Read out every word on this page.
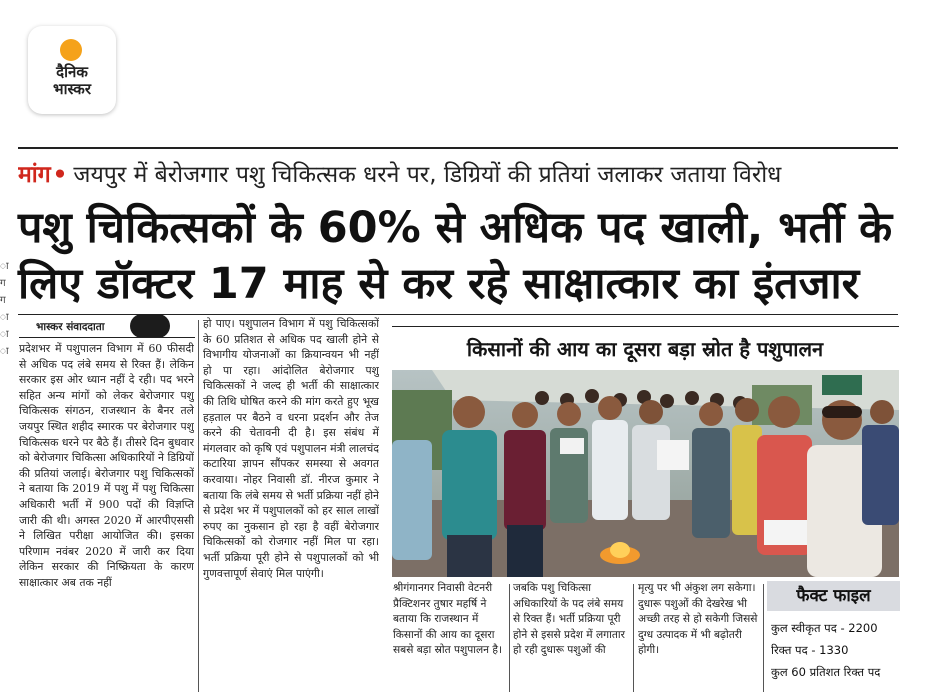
दैनिक
भास्कर
मांग• जयपुर में बेरोजगार पशु चिकित्सक धरने पर, डिग्रियों की प्रतियां जलाकर जताया विरोध
पशु चिकित्सकों के 60% से अधिक पद खाली, भर्ती के
लिए डॉक्टर 17 माह से कर रहे साक्षात्कार का इंतजार
ा ग ग ा ा ा
भास्कर संवाददाता

प्रदेशभर में पशुपालन विभाग में 60 फीसदी से अधिक पद लंबे समय से रिक्त हैं। लेकिन सरकार इस ओर ध्यान नहीं दे रही। पद भरने सहित अन्य मांगों को लेकर बेरोजगार पशु चिकित्सक संगठन, राजस्थान के बैनर तले जयपुर स्थित शहीद स्मारक पर बेरोजगार पशु चिकित्सक धरने पर बैठे हैं। तीसरे दिन बुधवार को बेरोजगार चिकित्सा अधिकारियों ने डिग्रियों की प्रतियां जलाई। बेरोजगार पशु चिकित्सकों ने बताया कि 2019 में पशु में पशु चिकित्सा अधिकारी भर्ती में 900 पदों की विज्ञप्ति जारी की थी। अगस्त 2020 में आरपीएससी ने लिखित परीक्षा आयोजित की। इसका परिणाम नवंबर 2020 में जारी कर दिया लेकिन सरकार की निष्क्रियता के कारण साक्षात्कार अब तक नहीं

हो पाए। पशुपालन विभाग में पशु चिकित्सकों के 60 प्रतिशत से अधिक पद खाली होने से विभागीय योजनाओं का क्रियान्वयन भी नहीं हो पा रहा। आंदोलित बेरोजगार पशु चिकित्सकों ने जल्द ही भर्ती की साक्षात्कार की तिथि घोषित करने की मांग करते हुए भूख हड़ताल पर बैठने व धरना प्रदर्शन और तेज करने की चेतावनी दी है। इस संबंध में मंगलवार को कृषि एवं पशुपालन मंत्री लालचंद कटारिया ज्ञापन सौंपकर समस्या से अवगत करवाया। नोहर निवासी डॉ. नीरज कुमार ने बताया कि लंबे समय से भर्ती प्रक्रिया नहीं होने से प्रदेश भर में पशुपालकों को हर साल लाखों रुपए का नुकसान हो रहा है वहीं बेरोजगार चिकित्सकों को रोजगार नहीं मिल पा रहा। भर्ती प्रक्रिया पूरी होने से पशुपालकों को भी गुणवत्तापूर्ण सेवाएं मिल पाएंगी।

किसानों की आय का दूसरा बड़ा स्रोत है पशुपालन
श्रीगंगानगर निवासी वेटनरी प्रैक्टिशनर तुषार महर्षि ने बताया कि राजस्थान में किसानों की आय का दूसरा सबसे बड़ा स्रोत पशुपालन है।
जबकि पशु चिकित्सा अधिकारियों के पद लंबे समय से रिक्त हैं। भर्ती प्रक्रिया पूरी होने से इससे प्रदेश में लगातार हो रही दुधारू पशुओं की
मृत्यु पर भी अंकुश लग सकेगा। दुधारू पशुओं की देखरेख भी अच्छी तरह से हो सकेगी जिससे दुग्ध उत्पादक में भी बढ़ोतरी होगी।
फैक्ट फाइल
कुल स्वीकृत पद - 2200
रिक्त पद - 1330
कुल 60 प्रतिशत रिक्त पद
